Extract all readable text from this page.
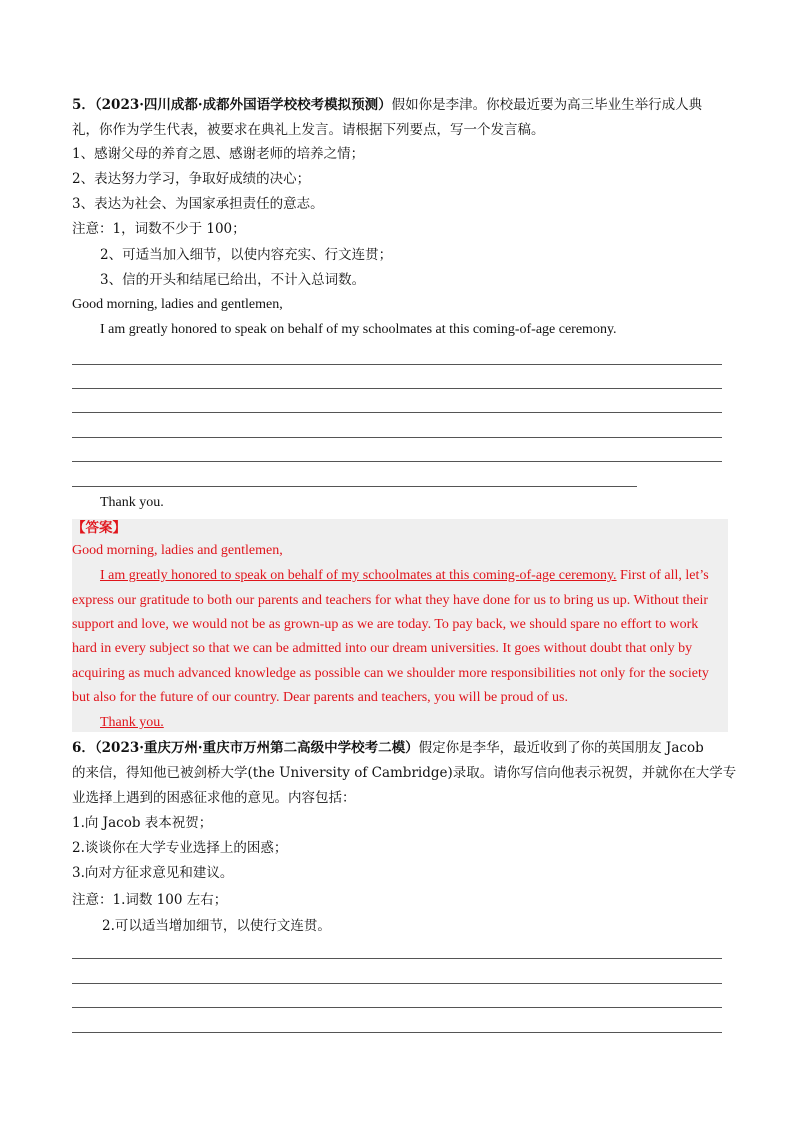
5．（2023·四川成都·成都外国语学校校考模拟预测）假如你是李津。你校最近要为高三毕业生举行成人典
礼，你作为学生代表，被要求在典礼上发言。请根据下列要点，写一个发言稿。
1、感谢父母的养育之恩、感谢老师的培养之情；
2、表达努力学习，争取好成绩的决心；
3、表达为社会、为国家承担责任的意志。
注意：1，词数不少于 100；
2、可适当加入细节，以使内容充实、行文连贯；
3、信的开头和结尾已给出，不计入总词数。
Good morning, ladies and gentlemen,
I am greatly honored to speak on behalf of my schoolmates at this coming-of-age ceremony.
Thank you.
【答案】
Good morning, ladies and gentlemen,
I am greatly honored to speak on behalf of my schoolmates at this coming-of-age ceremony. First of all, let’s
express our gratitude to both our parents and teachers for what they have done for us to bring us up. Without their
support and love, we would not be as grown-up as we are today. To pay back, we should spare no effort to work
hard in every subject so that we can be admitted into our dream universities. It goes without doubt that only by
acquiring as much advanced knowledge as possible can we shoulder more responsibilities not only for the society
but also for the future of our country. Dear parents and teachers, you will be proud of us.
Thank you.
6．（2023·重庆万州·重庆市万州第二高级中学校考二模）假定你是李华，最近收到了你的英国朋友 Jacob
的来信，得知他已被剑桥大学(the University of Cambridge)录取。请你写信向他表示祝贺，并就你在大学专
业选择上遇到的困惑征求他的意见。内容包括：
1.向 Jacob 表本祝贺；
2.谈谈你在大学专业选择上的困惑；
3.向对方征求意见和建议。
注意：1.词数 100 左右；
2.可以适当增加细节，以使行文连贯。
